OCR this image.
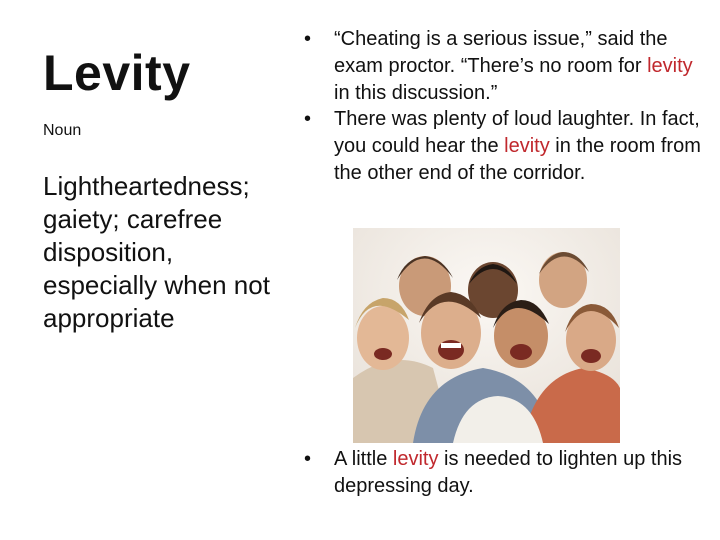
Levity
Noun
Lightheartedness; gaiety; carefree disposition, especially when not appropriate
• “Cheating is a serious issue,” said the exam proctor. “There’s no room for levity in this discussion.”
• There was plenty of loud laughter. In fact, you could hear the levity in the room from the other end of the corridor.
• A little levity is needed to lighten up this depressing day.
